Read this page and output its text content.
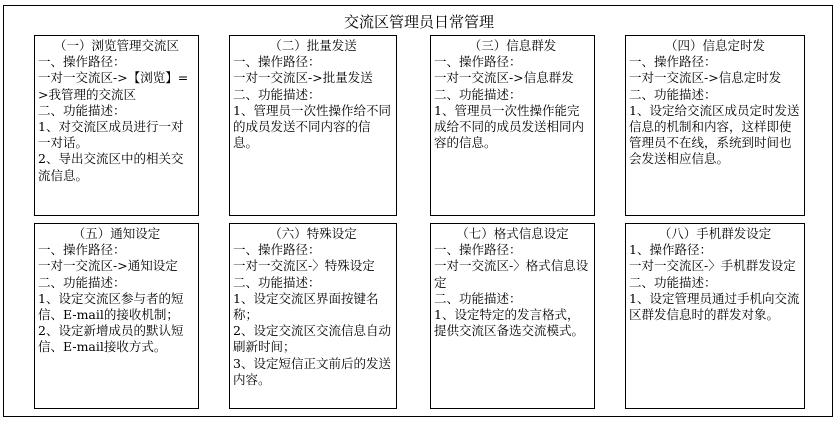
交流区管理员日常管理
（一）浏览管理交流区
一、操作路径：
一对一交流区->【浏览】=>我管理的交流区
二、功能描述：
1、对交流区成员进行一对一对话。
2、导出交流区中的相关交流信息。
（二）批量发送
一、操作路径：
一对一交流区->批量发送
二、功能描述：
1、管理员一次性操作给不同的成员发送不同内容的信息。
（三）信息群发
一、操作路径：
一对一交流区->信息群发
二、功能描述：
1、管理员一次性操作能完成给不同的成员发送相同内容的信息。
（四）信息定时发
一、操作路径：
一对一交流区->信息定时发
二、功能描述：
1、设定给交流区成员定时发送信息的机制和内容，这样即使管理员不在线，系统到时间也会发送相应信息。
（五）通知设定
一、操作路径：
一对一交流区->通知设定
二、功能描述：
1、设定交流区参与者的短信、E-mail的接收机制；
2、设定新增成员的默认短信、E-mail接收方式。
（六）特殊设定
一、操作路径：
一对一交流区-〉特殊设定
二、功能描述：
1、设定交流区界面按键名称；
2、设定交流区交流信息自动刷新时间；
3、设定短信正文前后的发送内容。
（七）格式信息设定
一、操作路径：
一对一交流区-〉格式信息设定
二、功能描述：
1、设定特定的发言格式，提供交流区备选交流模式。
（八）手机群发设定
1、操作路径：
一对一交流区-〉手机群发设定
二、功能描述：
1、设定管理员通过手机向交流区群发信息时的群发对象。
